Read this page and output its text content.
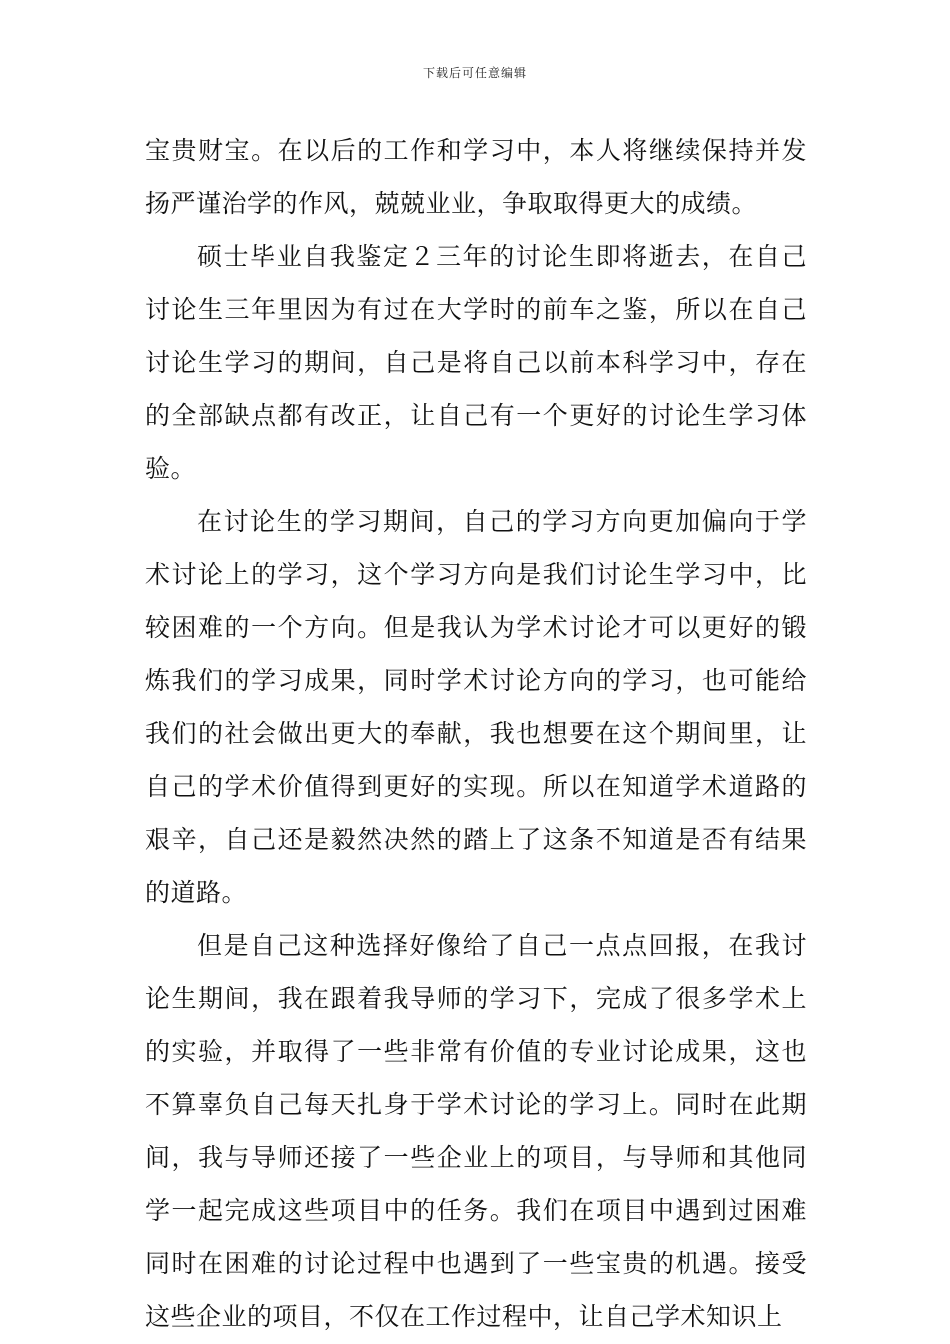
下载后可任意编辑

宝贵财宝。在以后的工作和学习中，本人将继续保持并发扬严谨治学的作风，兢兢业业，争取取得更大的成绩。

硕士毕业自我鉴定２三年的讨论生即将逝去，在自己讨论生三年里因为有过在大学时的前车之鉴，所以在自己讨论生学习的期间，自己是将自己以前本科学习中，存在的全部缺点都有改正，让自己有一个更好的讨论生学习体验。

在讨论生的学习期间，自己的学习方向更加偏向于学术讨论上的学习，这个学习方向是我们讨论生学习中，比较困难的一个方向。但是我认为学术讨论才可以更好的锻炼我们的学习成果，同时学术讨论方向的学习，也可能给我们的社会做出更大的奉献，我也想要在这个期间里，让自己的学术价值得到更好的实现。所以在知道学术道路的艰辛，自己还是毅然决然的踏上了这条不知道是否有结果的道路。

但是自己这种选择好像给了自己一点点回报，在我讨论生期间，我在跟着我导师的学习下，完成了很多学术上的实验，并取得了一些非常有价值的专业讨论成果，这也不算辜负自己每天扎身于学术讨论的学习上。同时在此期间，我与导师还接了一些企业上的项目，与导师和其他同学一起完成这些项目中的任务。我们在项目中遇到过困难同时在困难的讨论过程中也遇到了一些宝贵的机遇。接受这些企业的项目，不仅在工作过程中，让自己学术知识上
